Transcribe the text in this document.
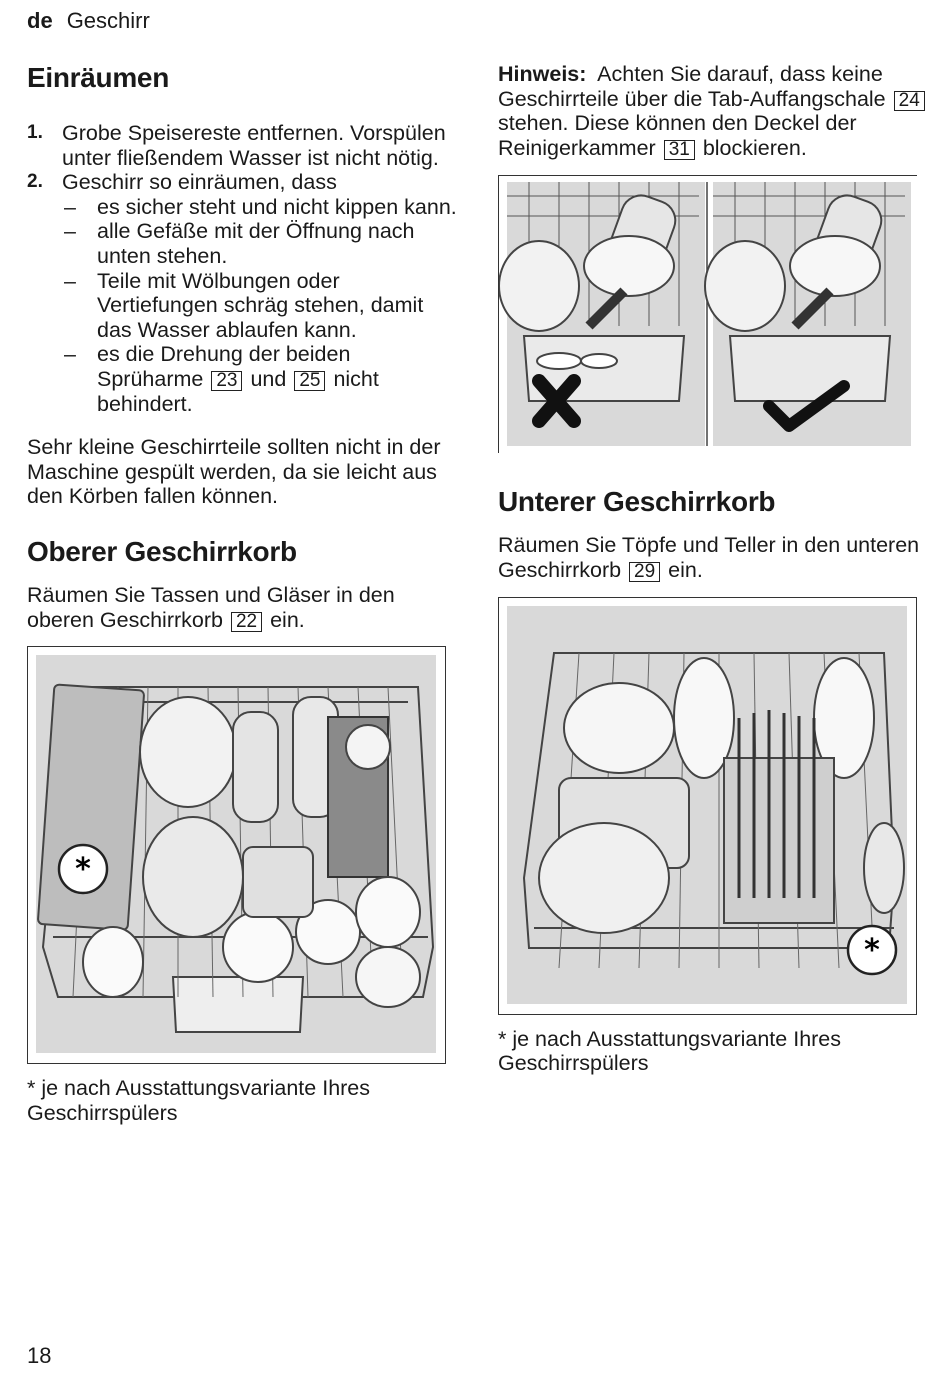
de Geschirr
Einräumen
1. Grobe Speisereste entfernen. Vorspülen unter fließendem Wasser ist nicht nötig.
2. Geschirr so einräumen, dass
– es sicher steht und nicht kippen kann.
– alle Gefäße mit der Öffnung nach unten stehen.
– Teile mit Wölbungen oder Vertiefungen schräg stehen, damit das Wasser ablaufen kann.
– es die Drehung der beiden Sprüharme 23 und 25 nicht behindert.

Sehr kleine Geschirrteile sollten nicht in der Maschine gespült werden, da sie leicht aus den Körben fallen können.

Oberer Geschirrkorb

Räumen Sie Tassen und Gläser in den oberen Geschirrkorb 22 ein.

*

* je nach Ausstattungsvariante Ihres Geschirrspülers

Hinweis: Achten Sie darauf, dass keine Geschirrteile über die Tab-Auffangschale 24 stehen. Diese können den Deckel der Reinigerkammer 31 blockieren.

Unterer Geschirrkorb

Räumen Sie Töpfe und Teller in den unteren Geschirrkorb 29 ein.

*

* je nach Ausstattungsvariante Ihres Geschirrspülers

18
